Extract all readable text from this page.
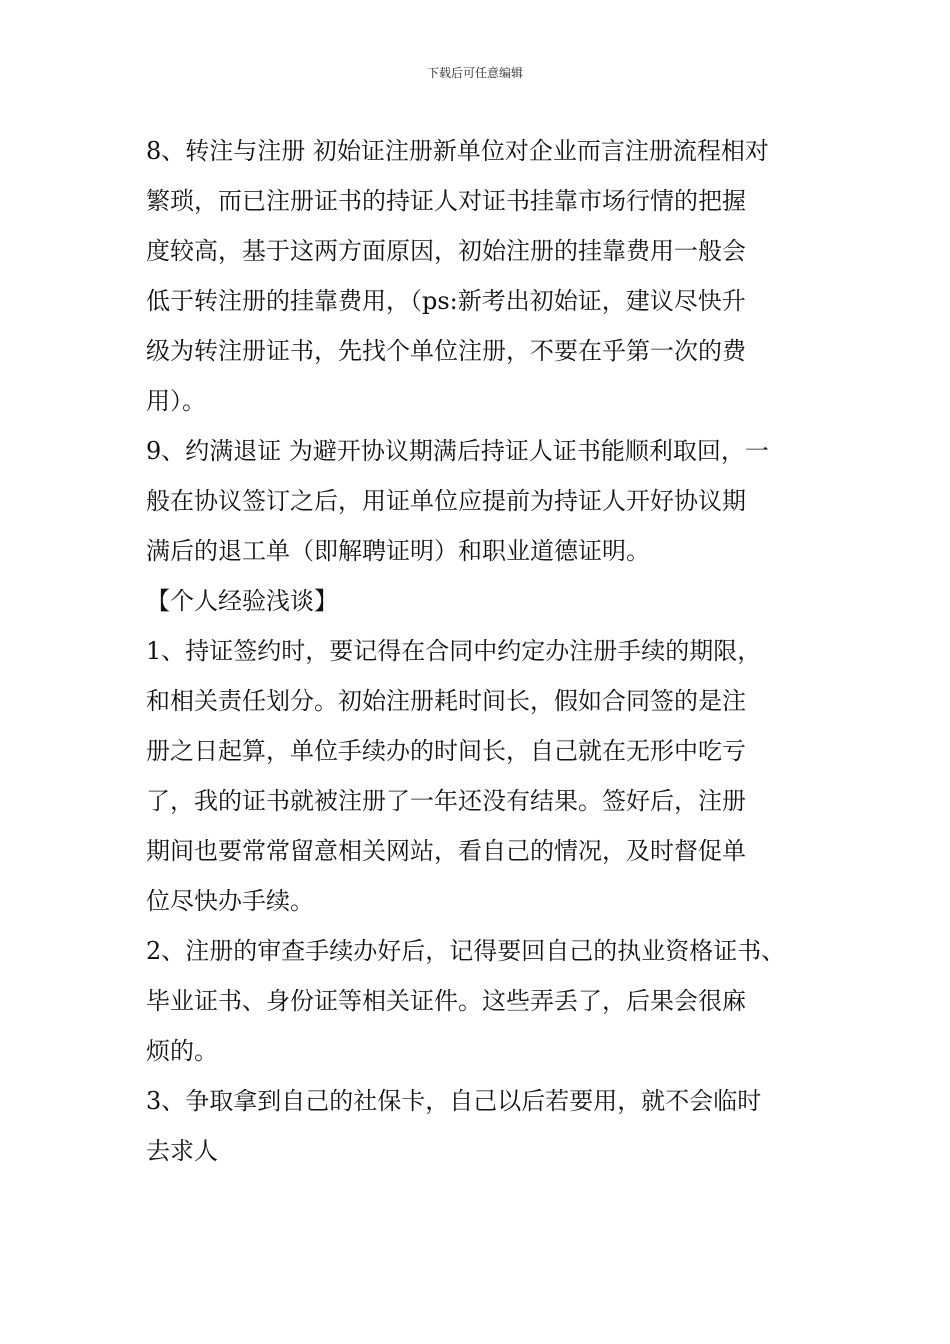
下载后可任意编辑
8、转注与注册 初始证注册新单位对企业而言注册流程相对
繁琐，而已注册证书的持证人对证书挂靠市场行情的把握
度较高，基于这两方面原因，初始注册的挂靠费用一般会
低于转注册的挂靠费用，（ps:新考出初始证，建议尽快升
级为转注册证书，先找个单位注册，不要在乎第一次的费
用）。
9、约满退证 为避开协议期满后持证人证书能顺利取回，一
般在协议签订之后，用证单位应提前为持证人开好协议期
满后的退工单（即解聘证明）和职业道德证明。
【个人经验浅谈】
1、持证签约时，要记得在合同中约定办注册手续的期限，
和相关责任划分。初始注册耗时间长，假如合同签的是注
册之日起算，单位手续办的时间长，自己就在无形中吃亏
了，我的证书就被注册了一年还没有结果。签好后，注册
期间也要常常留意相关网站，看自己的情况，及时督促单
位尽快办手续。
2、注册的审查手续办好后，记得要回自己的执业资格证书、
毕业证书、身份证等相关证件。这些弄丢了，后果会很麻
烦的。
3、争取拿到自己的社保卡，自己以后若要用，就不会临时
去求人
